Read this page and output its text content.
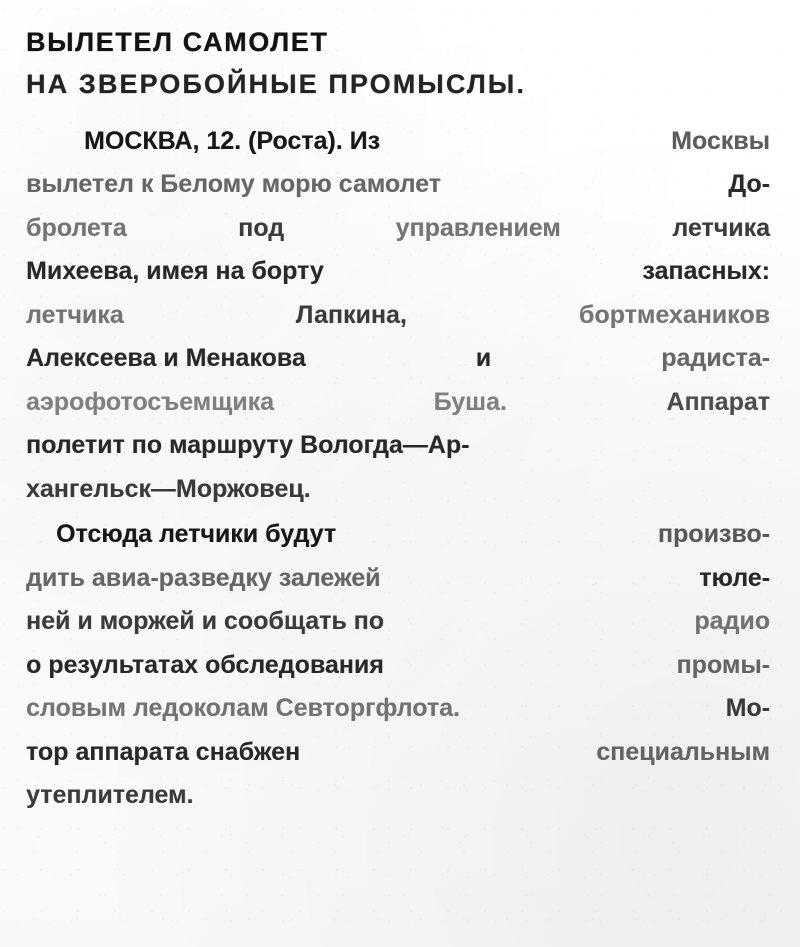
ВЫЛЕТЕЛ САМОЛЕТ
НА ЗВЕРОБОЙНЫЕ ПРОМЫСЛЫ.
МОСКВА, 12. (Роста). Из	Москвы
вылетел к Белому морю самолет	До-
бролета	под	управлением	летчика
Михеева, имея на борту	запасных:
летчика	Лапкина,	бортмехаников
Алексеева и Менакова	и	радиста-
аэрофотосъемщика	Буша.	Аппарат
полетит по маршруту Вологда—Ар-
хангельск—Моржовец.
Отсюда летчики будут	произво-
дить авиа-разведку залежей	тюле-
ней и моржей и сообщать по	радио
о результатах обследования	промы-
словым ледоколам Севторгфлота.	Мо-
тор аппарата снабжен	специальным
утеплителем.
